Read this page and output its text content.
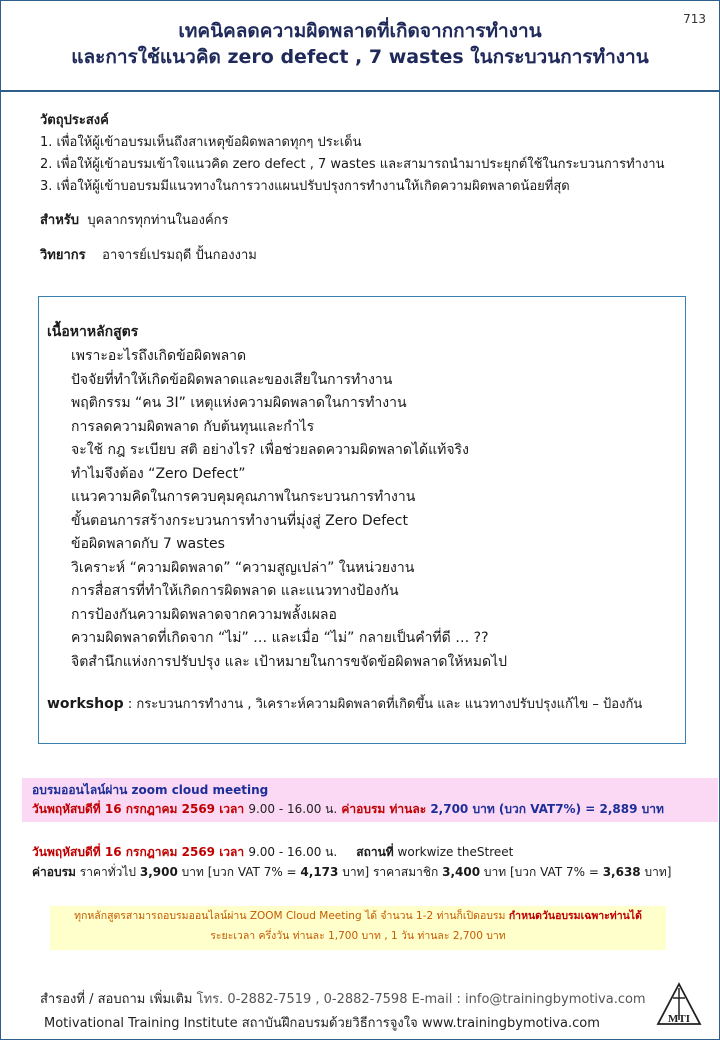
713
เทคนิคลดความผิดพลาดที่เกิดจากการทำงาน
และการใช้แนวคิด zero defect , 7 wastes ในกระบวนการทำงาน
วัตถุประสงค์
1. เพื่อให้ผู้เข้าอบรมเห็นถึงสาเหตุข้อผิดพลาดทุกๆ ประเด็น
2. เพื่อให้ผู้เข้าอบรมเข้าใจแนวคิด zero defect , 7 wastes และสามารถนำมาประยุกต์ใช้ในกระบวนการทำงาน
3. เพื่อให้ผู้เข้าบอบรมมีแนวทางในการวางแผนปรับปรุงการทำงานให้เกิดความผิดพลาดน้อยที่สุด
สำหรับ บุคลากรทุกท่านในองค์กร
วิทยากร อาจารย์เปรมฤดี ปั้นกองงาม
เนื้อหาหลักสูตร
เพราะอะไรถึงเกิดข้อผิดพลาด
ปัจจัยที่ทำให้เกิดข้อผิดพลาดและของเสียในการทำงาน
พฤติกรรม “คน 3I” เหตุแห่งความผิดพลาดในการทำงาน
การลดความผิดพลาด กับต้นทุนและกำไร
จะใช้ กฎ ระเบียบ สติ อย่างไร? เพื่อช่วยลดความผิดพลาดได้แท้จริง
ทำไมจึงต้อง “Zero Defect”
แนวความคิดในการควบคุมคุณภาพในกระบวนการทำงาน
ขั้นตอนการสร้างกระบวนการทำงานที่มุ่งสู่ Zero Defect
ข้อผิดพลาดกับ 7 wastes
วิเคราะห์ “ความผิดพลาด” “ความสูญเปล่า” ในหน่วยงาน
การสื่อสารที่ทำให้เกิดการผิดพลาด และแนวทางป้องกัน
การป้องกันความผิดพลาดจากความพลั้งเผลอ
ความผิดพลาดที่เกิดจาก “ไม่” … และเมื่อ “ไม่” กลายเป็นคำที่ดี … ??
จิตสำนึกแห่งการปรับปรุง และ เป้าหมายในการขจัดข้อผิดพลาดให้หมดไป
workshop : กระบวนการทำงาน , วิเคราะห์ความผิดพลาดที่เกิดขึ้น และ แนวทางปรับปรุงแก้ไข – ป้องกัน
อบรมออนไลน์ผ่าน zoom cloud meeting
วันพฤหัสบดีที่ 16 กรกฎาคม 2569 เวลา 9.00 - 16.00 น. ค่าอบรม ท่านละ 2,700 บาท (บวก VAT7%) = 2,889 บาท
วันพฤหัสบดีที่ 16 กรกฎาคม 2569 เวลา 9.00 - 16.00 น. สถานที่ workwize theStreet
ค่าอบรม ราคาทั่วไป 3,900 บาท [บวก VAT 7% = 4,173 บาท] ราคาสมาชิก 3,400 บาท [บวก VAT 7% = 3,638 บาท]
ทุกหลักสูตรสามารถอบรมออนไลน์ผ่าน ZOOM Cloud Meeting ได้ จำนวน 1-2 ท่านก็เปิดอบรม กำหนดวันอบรมเฉพาะท่านได้
ระยะเวลา ครึ่งวัน ท่านละ 1,700 บาท , 1 วัน ท่านละ 2,700 บาท
สำรองที่ / สอบถาม เพิ่มเติม โทร. 0-2882-7519 , 0-2882-7598 E-mail : info@trainingbymotiva.com
Motivational Training Institute สถาบันฝึกอบรมด้วยวิธีการจูงใจ www.trainingbymotiva.com	MTI
